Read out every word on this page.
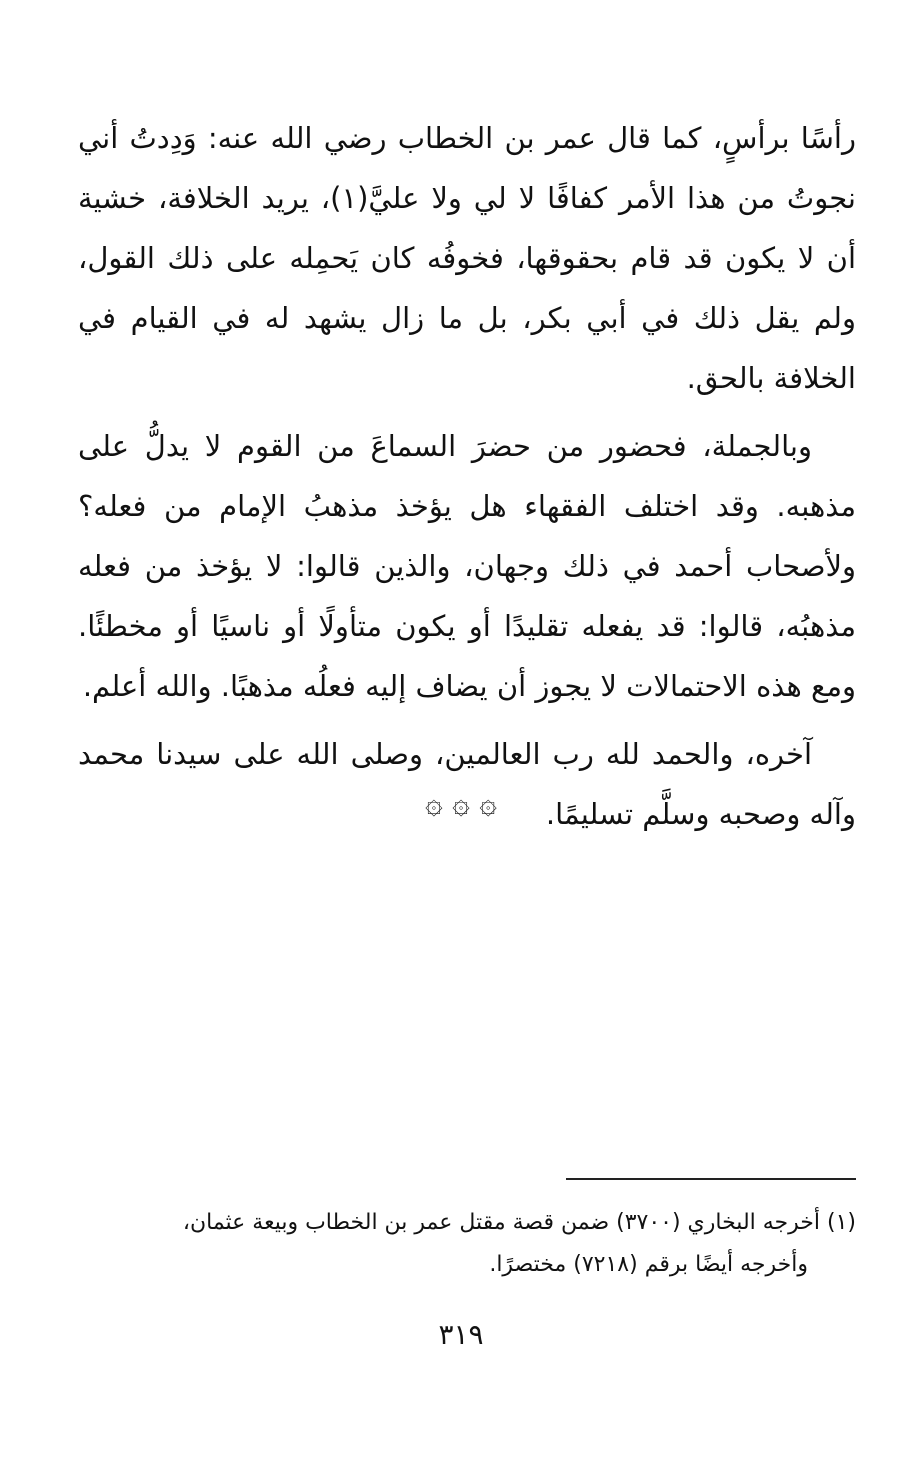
رأسًا برأسٍ، كما قال عمر بن الخطاب رضي الله عنه: وَدِدتُ أني نجوتُ من هذا الأمر كفافًا لا لي ولا عليَّ(١)، يريد الخلافة، خشية أن لا يكون قد قام بحقوقها، فخوفُه كان يَحمِله على ذلك القول، ولم يقل ذلك في أبي بكر، بل ما زال يشهد له في القيام في الخلافة بالحق.

وبالجملة، فحضور من حضرَ السماعَ من القوم لا يدلُّ على مذهبه. وقد اختلف الفقهاء هل يؤخذ مذهبُ الإمام من فعله؟ ولأصحاب أحمد في ذلك وجهان، والذين قالوا: لا يؤخذ من فعله مذهبُه، قالوا: قد يفعله تقليدًا أو يكون متأولًا أو ناسيًا أو مخطئًا. ومع هذه الاحتمالات لا يجوز أن يضاف إليه فعلُه مذهبًا. والله أعلم.

آخره، والحمد لله رب العالمين، وصلى الله على سيدنا محمد وآله وصحبه وسلَّم تسليمًا.

۞ ۞ ۞

(١) أخرجه البخاري (٣٧٠٠) ضمن قصة مقتل عمر بن الخطاب وبيعة عثمان،

وأخرجه أيضًا برقم (٧٢١٨) مختصرًا.

٣١٩
